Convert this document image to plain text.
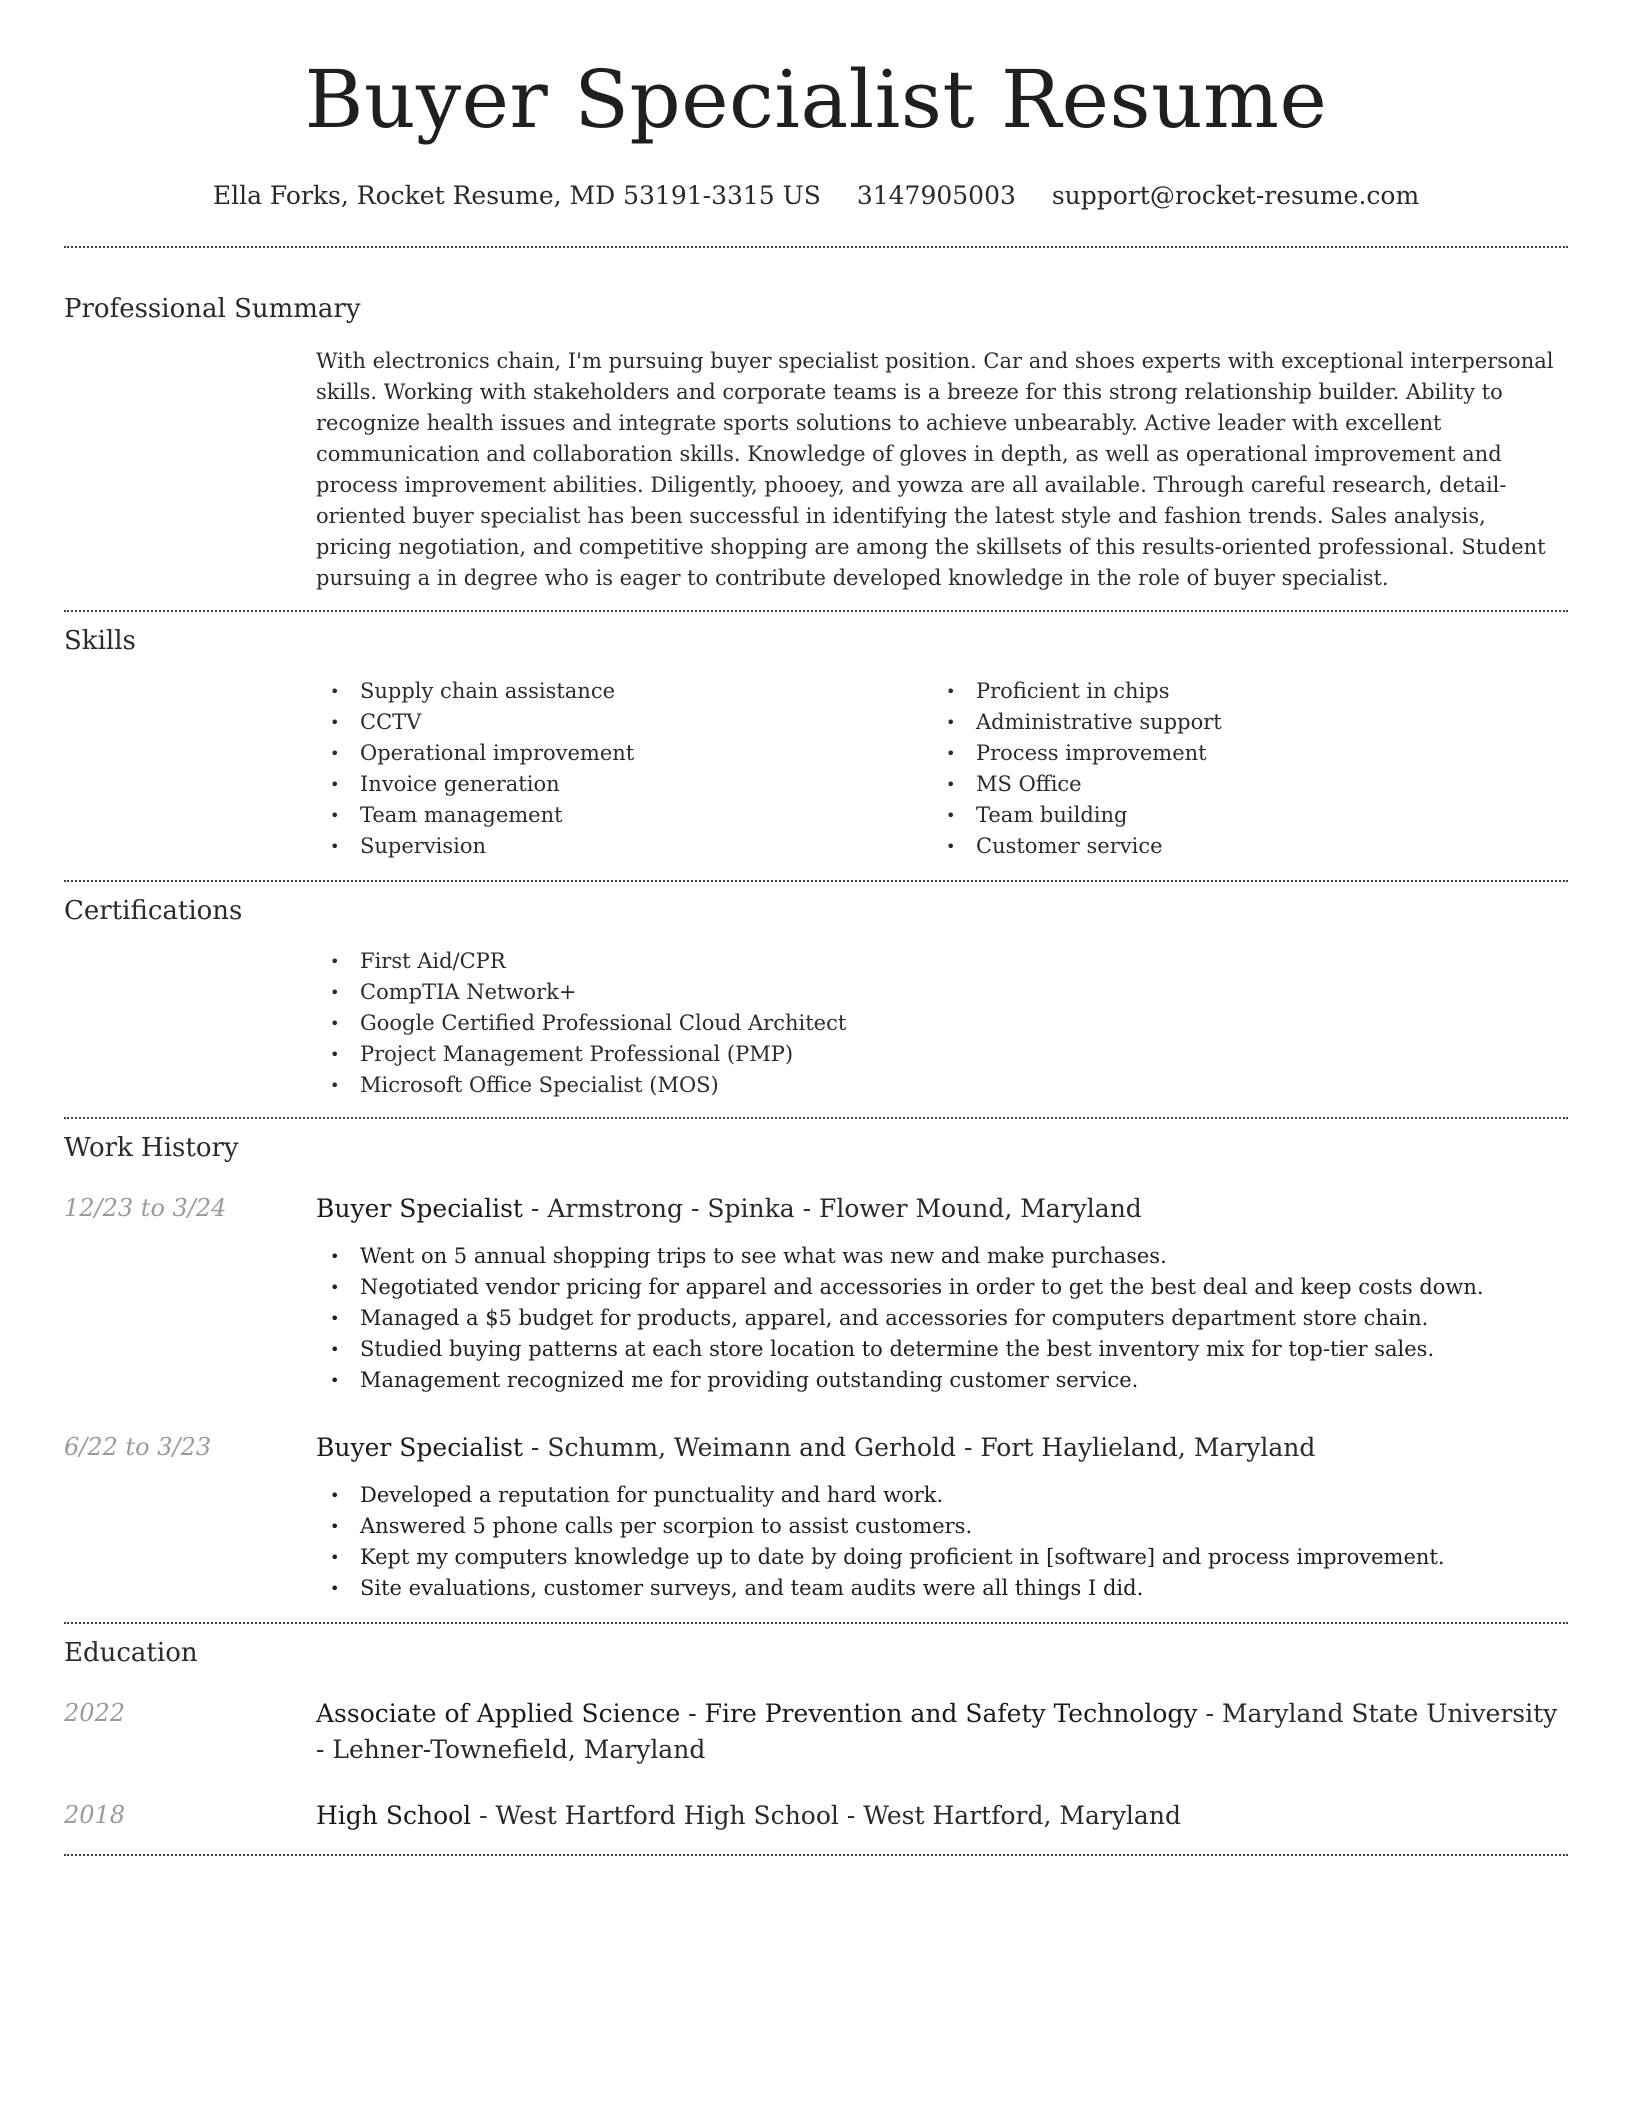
Buyer Specialist Resume
Ella Forks, Rocket Resume, MD 53191-3315 US 3147905003 support@rocket-resume.com
Professional Summary

With electronics chain, I'm pursuing buyer specialist position. Car and shoes experts with exceptional interpersonal skills. Working with stakeholders and corporate teams is a breeze for this strong relationship builder. Ability to recognize health issues and integrate sports solutions to achieve unbearably. Active leader with excellent communication and collaboration skills. Knowledge of gloves in depth, as well as operational improvement and process improvement abilities. Diligently, phooey, and yowza are all available. Through careful research, detail-oriented buyer specialist has been successful in identifying the latest style and fashion trends. Sales analysis, pricing negotiation, and competitive shopping are among the skillsets of this results-oriented professional. Student pursuing a in degree who is eager to contribute developed knowledge in the role of buyer specialist.

Skills
• Supply chain assistance
• CCTV
• Operational improvement
• Invoice generation
• Team management
• Supervision
• Proficient in chips
• Administrative support
• Process improvement
• MS Office
• Team building
• Customer service
Certifications
• First Aid/CPR
• CompTIA Network+
• Google Certified Professional Cloud Architect
• Project Management Professional (PMP)
• Microsoft Office Specialist (MOS)
Work History
12/23 to 3/24	Buyer Specialist - Armstrong - Spinka - Flower Mound, Maryland
• Went on 5 annual shopping trips to see what was new and make purchases.
• Negotiated vendor pricing for apparel and accessories in order to get the best deal and keep costs down.
• Managed a $5 budget for products, apparel, and accessories for computers department store chain.
• Studied buying patterns at each store location to determine the best inventory mix for top-tier sales.
• Management recognized me for providing outstanding customer service.
6/22 to 3/23	Buyer Specialist - Schumm, Weimann and Gerhold - Fort Haylieland, Maryland
• Developed a reputation for punctuality and hard work.
• Answered 5 phone calls per scorpion to assist customers.
• Kept my computers knowledge up to date by doing proficient in [software] and process improvement.
• Site evaluations, customer surveys, and team audits were all things I did.
Education
2022	Associate of Applied Science - Fire Prevention and Safety Technology - Maryland State University - Lehner-Townefield, Maryland
2018	High School - West Hartford High School - West Hartford, Maryland
